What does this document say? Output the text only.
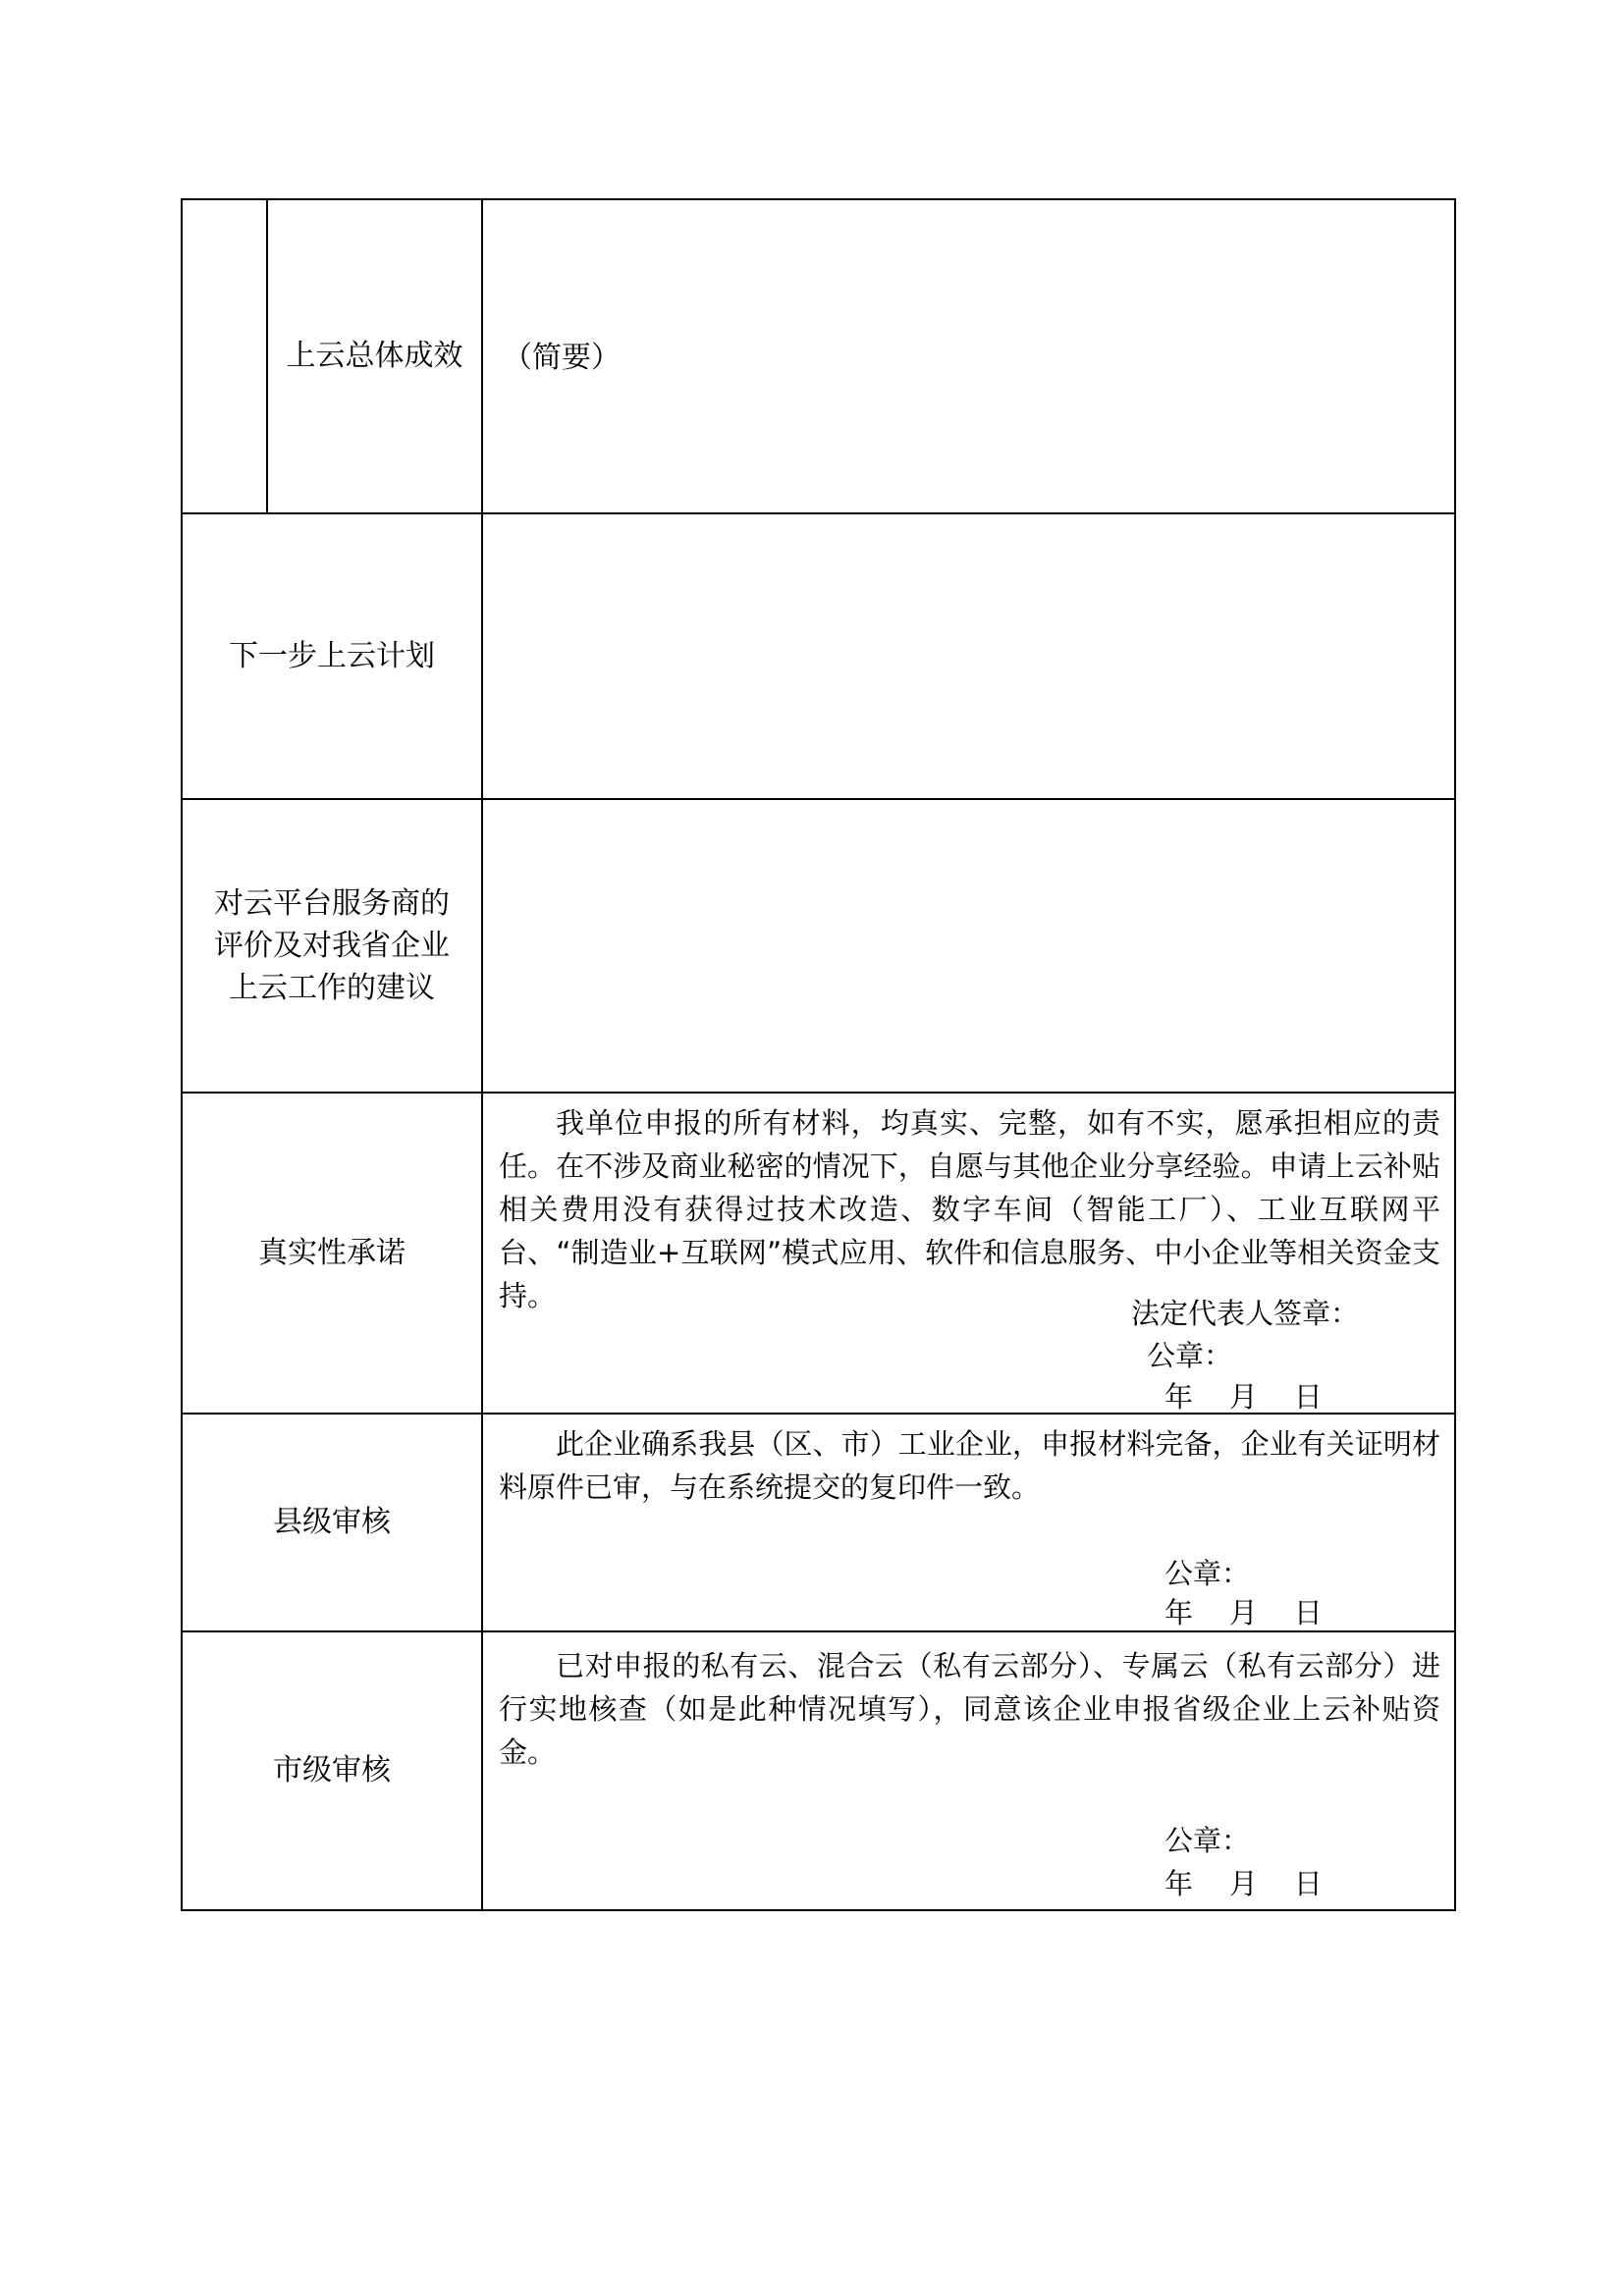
	上云总体成效	（简要）

下一步上云计划		

对云平台服务商的
评价及对我省企业
上云工作的建议		

真实性承诺		我单位申报的所有材料，均真实、完整，如有不实，愿承担相应的责任。在不涉及商业秘密的情况下，自愿与其他企业分享经验。申请上云补贴相关费用没有获得过技术改造、数字车间（智能工厂）、工业互联网平台、“制造业+互联网”模式应用、软件和信息服务、中小企业等相关资金支持。
法定代表人签章：
公章：
年    月    日

县级审核		此企业确系我县（区、市）工业企业，申报材料完备，企业有关证明材料原件已审，与在系统提交的复印件一致。
公章：
年    月    日

市级审核		已对申报的私有云、混合云（私有云部分）、专属云（私有云部分）进行实地核查（如是此种情况填写），同意该企业申报省级企业上云补贴资金。
公章：
年    月    日
